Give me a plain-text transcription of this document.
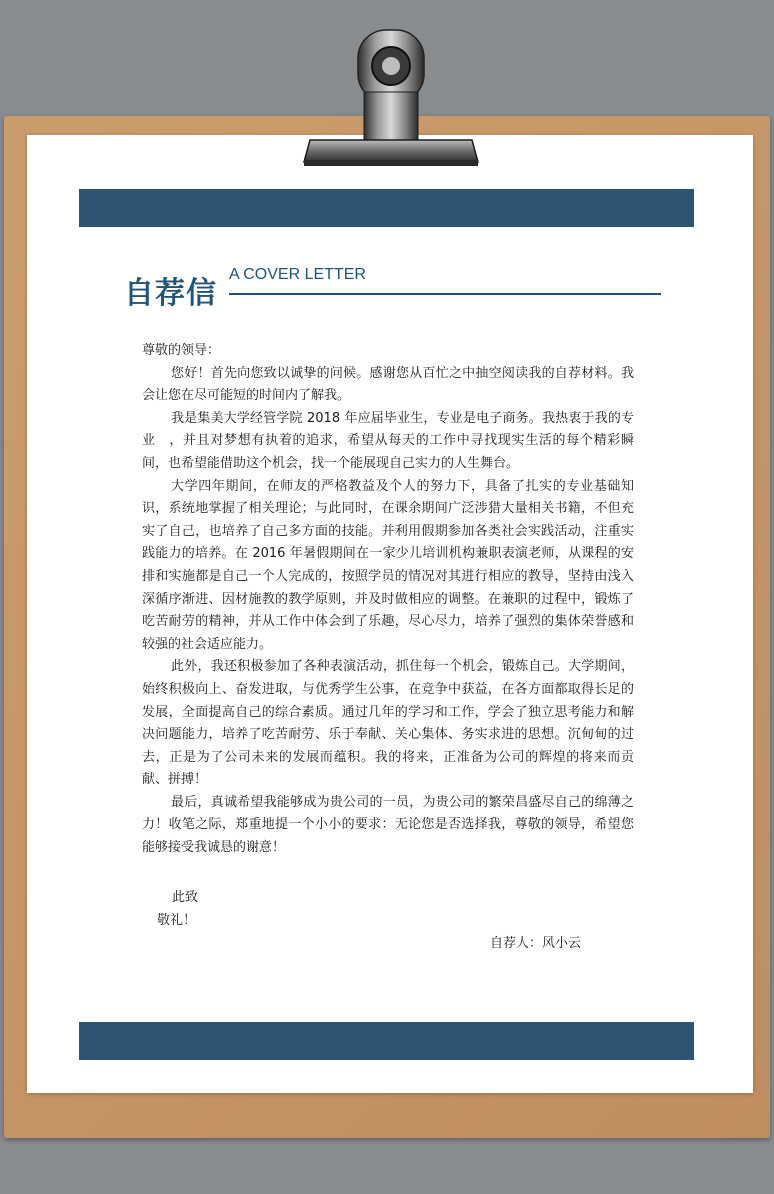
自荐信
A COVER LETTER

尊敬的领导：

您好！首先向您致以诚挚的问候。感谢您从百忙之中抽空阅读我的自荐材料。我会让您在尽可能短的时间内了解我。

我是集美大学经管学院 2018 年应届毕业生，专业是电子商务。我热衷于我的专业　，并且对梦想有执着的追求，希望从每天的工作中寻找现实生活的每个精彩瞬间，也希望能借助这个机会，找一个能展现自己实力的人生舞台。

大学四年期间，在师友的严格教益及个人的努力下，具备了扎实的专业基础知识，系统地掌握了相关理论；与此同时，在课余期间广泛涉猎大量相关书籍，不但充实了自己，也培养了自己多方面的技能。并利用假期参加各类社会实践活动，注重实践能力的培养。在 2016 年暑假期间在一家少儿培训机构兼职表演老师，从课程的安排和实施都是自己一个人完成的，按照学员的情况对其进行相应的教导，坚持由浅入深循序渐进、因材施教的教学原则，并及时做相应的调整。在兼职的过程中，锻炼了吃苦耐劳的精神，并从工作中体会到了乐趣，尽心尽力，培养了强烈的集体荣誉感和较强的社会适应能力。

此外，我还积极参加了各种表演活动，抓住每一个机会，锻炼自己。大学期间，始终积极向上、奋发进取，与优秀学生公事，在竞争中获益，在各方面都取得长足的发展，全面提高自己的综合素质。通过几年的学习和工作，学会了独立思考能力和解决问题能力，培养了吃苦耐劳、乐于奉献、关心集体、务实求进的思想。沉甸甸的过去，正是为了公司未来的发展而蕴积。我的将来，正准备为公司的辉煌的将来而贡献、拼搏！

最后，真诚希望我能够成为贵公司的一员，为贵公司的繁荣昌盛尽自己的绵薄之力！收笔之际，郑重地提一个小小的要求：无论您是否选择我，尊敬的领导，希望您能够接受我诚恳的谢意！

此致
敬礼！
自荐人：风小云
